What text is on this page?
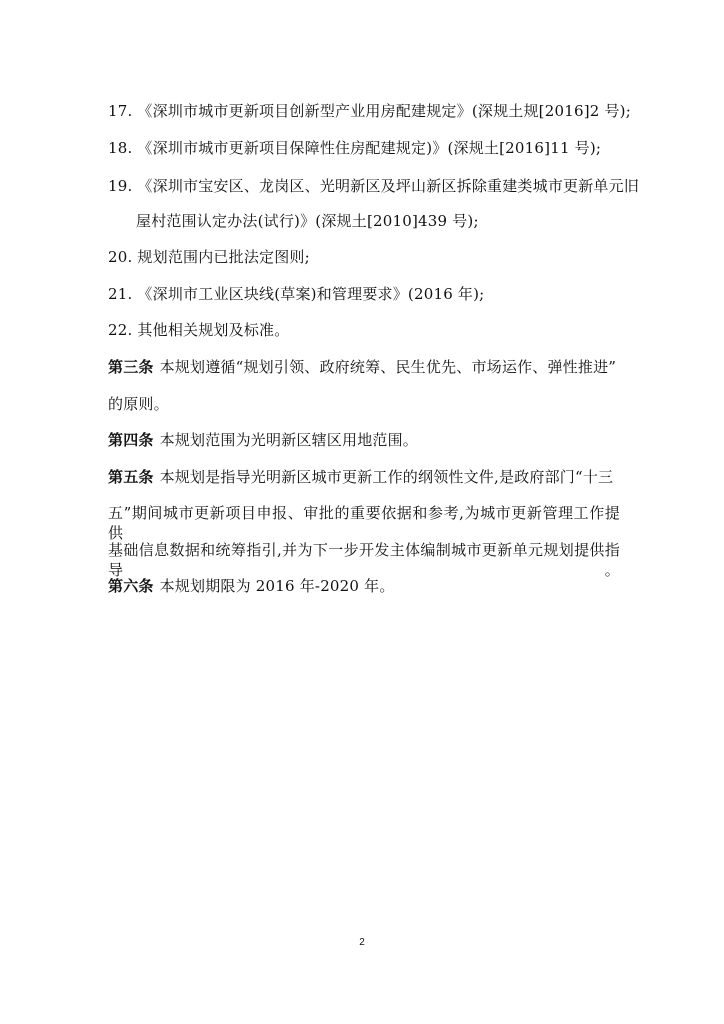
17. 《深圳市城市更新项目创新型产业用房配建规定》(深规土规[2016]2 号);
18. 《深圳市城市更新项目保障性住房配建规定)》(深规土[2016]11 号);
19. 《深圳市宝安区、龙岗区、光明新区及坪山新区拆除重建类城市更新单元旧
屋村范围认定办法(试行)》(深规土[2010]439 号);
20. 规划范围内已批法定图则;
21. 《深圳市工业区块线(草案)和管理要求》(2016 年);
22. 其他相关规划及标准。
第三条 本规划遵循“规划引领、政府统筹、民生优先、市场运作、弹性推进”
的原则。
第四条 本规划范围为光明新区辖区用地范围。
第五条 本规划是指导光明新区城市更新工作的纲领性文件,是政府部门“十三
五”期间城市更新项目申报、审批的重要依据和参考,为城市更新管理工作提供
基础信息数据和统筹指引,并为下一步开发主体编制城市更新单元规划提供指导。
第六条 本规划期限为 2016 年-2020 年。
2
